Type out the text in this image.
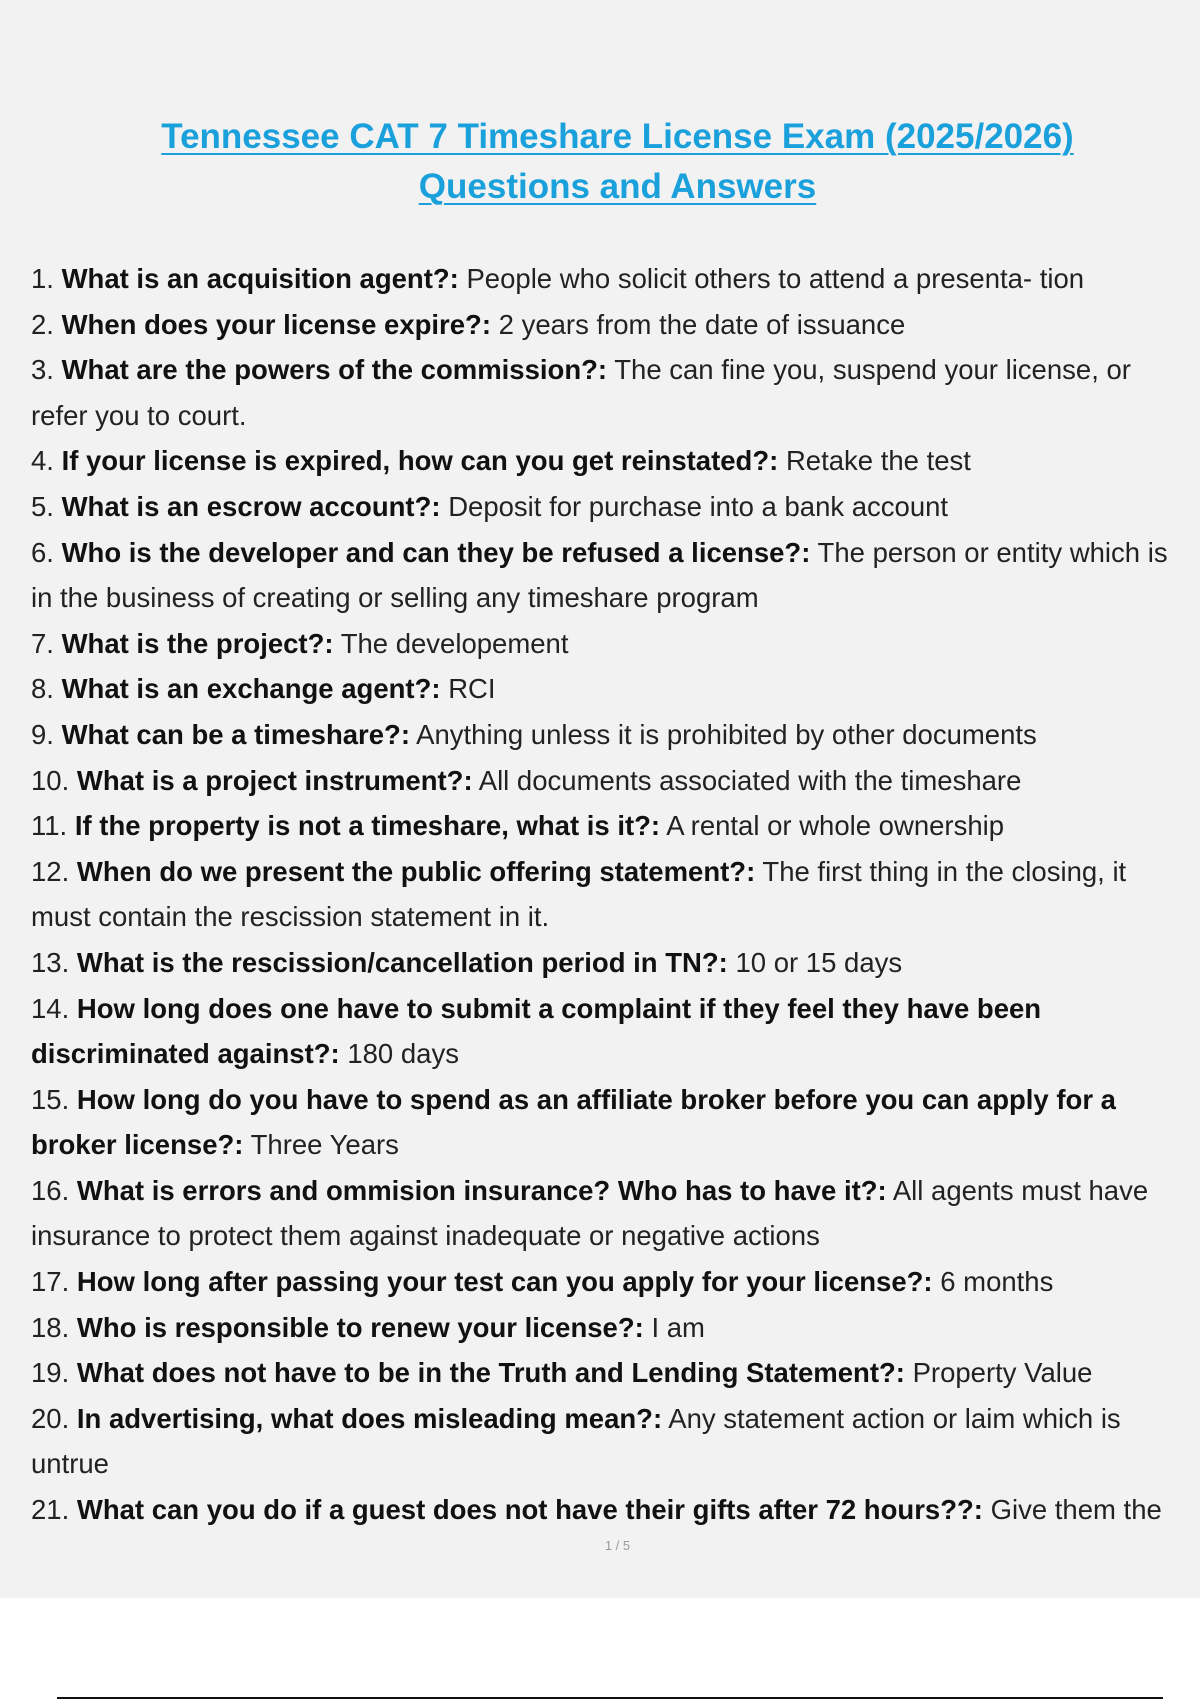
Tennessee CAT 7 Timeshare License Exam (2025/2026)
Questions and Answers
1. What is an acquisition agent?: People who solicit others to attend a presenta- tion
2. When does your license expire?: 2 years from the date of issuance
3. What are the powers of the commission?: The can fine you, suspend your license, or refer you to court.
4. If your license is expired, how can you get reinstated?: Retake the test
5. What is an escrow account?: Deposit for purchase into a bank account
6. Who is the developer and can they be refused a license?: The person or entity which is in the business of creating or selling any timeshare program
7. What is the project?: The developement
8. What is an exchange agent?: RCI
9. What can be a timeshare?: Anything unless it is prohibited by other documents
10. What is a project instrument?: All documents associated with the timeshare
11. If the property is not a timeshare, what is it?: A rental or whole ownership
12. When do we present the public offering statement?: The first thing in the closing, it must contain the rescission statement in it.
13. What is the rescission/cancellation period in TN?: 10 or 15 days
14. How long does one have to submit a complaint if they feel they have been discriminated against?: 180 days
15. How long do you have to spend as an affiliate broker before you can apply for a broker license?: Three Years
16. What is errors and ommision insurance? Who has to have it?: All agents must have insurance to protect them against inadequate or negative actions
17. How long after passing your test can you apply for your license?: 6 months
18. Who is responsible to renew your license?: I am
19. What does not have to be in the Truth and Lending Statement?: Property Value
20. In advertising, what does misleading mean?: Any statement action or laim which is untrue
21. What can you do if a guest does not have their gifts after 72 hours??: Give them the
1 / 5
